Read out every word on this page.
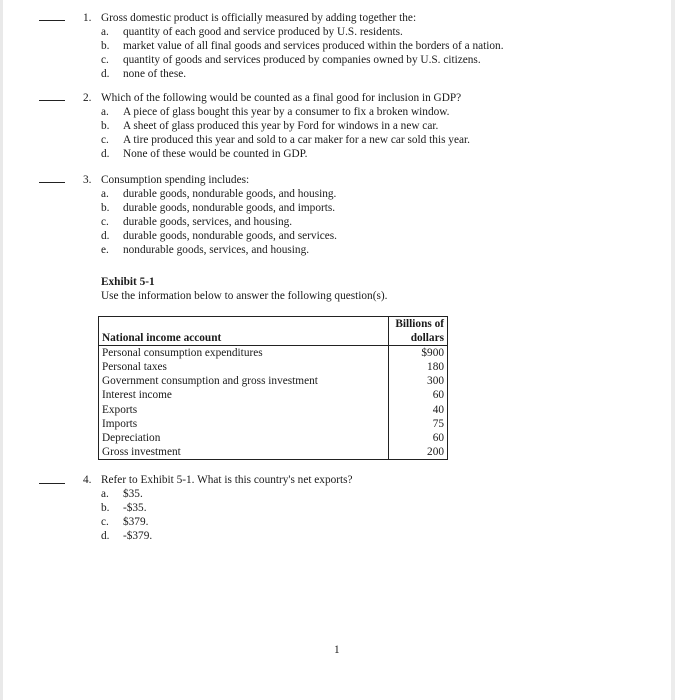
1. Gross domestic product is officially measured by adding together the:
a. quantity of each good and service produced by U.S. residents.
b. market value of all final goods and services produced within the borders of a nation.
c. quantity of goods and services produced by companies owned by U.S. citizens.
d. none of these.
2. Which of the following would be counted as a final good for inclusion in GDP?
a. A piece of glass bought this year by a consumer to fix a broken window.
b. A sheet of glass produced this year by Ford for windows in a new car.
c. A tire produced this year and sold to a car maker for a new car sold this year.
d. None of these would be counted in GDP.
3. Consumption spending includes:
a. durable goods, nondurable goods, and housing.
b. durable goods, nondurable goods, and imports.
c. durable goods, services, and housing.
d. durable goods, nondurable goods, and services.
e. nondurable goods, services, and housing.
Exhibit 5-1
Use the information below to answer the following question(s).
National income account	Billions of
dollars
Personal consumption expenditures	$900
Personal taxes	180
Government consumption and gross investment	300
Interest income	60
Exports	40
Imports	75
Depreciation	60
Gross investment	200
4. Refer to Exhibit 5-1. What is this country's net exports?
a. $35.
b. -$35.
c. $379.
d. -$379.
1
